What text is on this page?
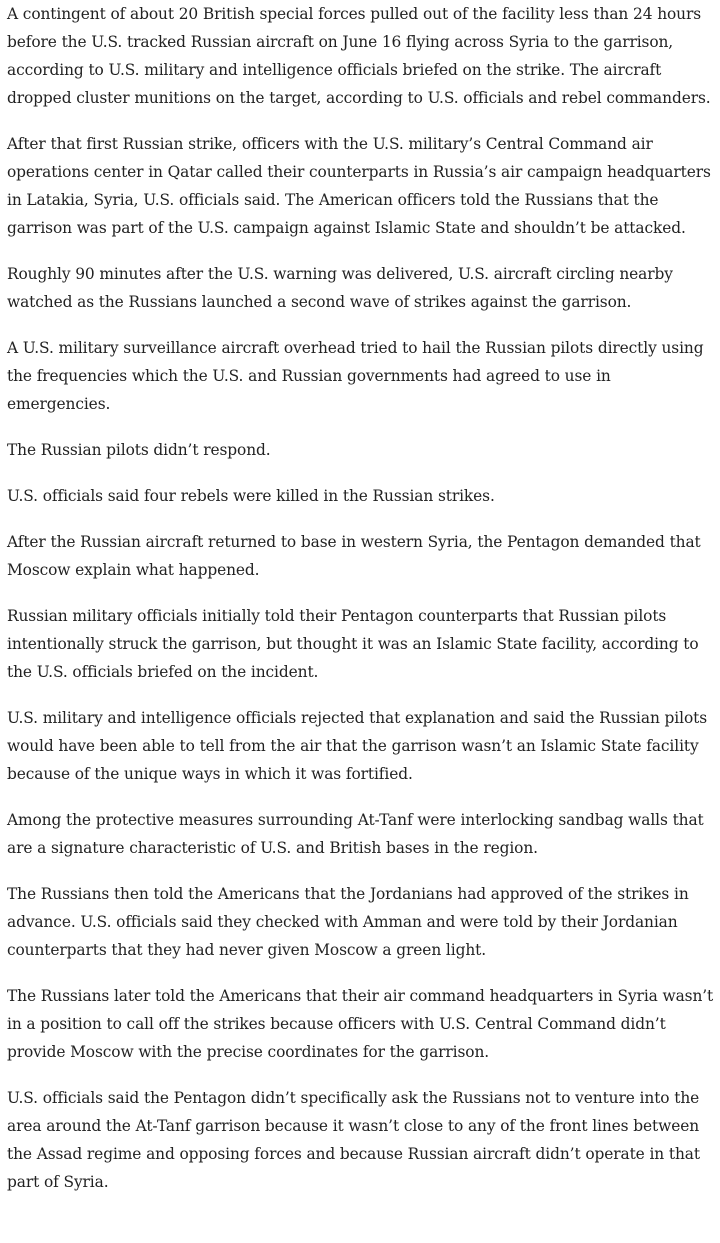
A contingent of about 20 British special forces pulled out of the facility less than 24 hours before the U.S. tracked Russian aircraft on June 16 flying across Syria to the garrison, according to U.S. military and intelligence officials briefed on the strike. The aircraft dropped cluster munitions on the target, according to U.S. officials and rebel commanders.

After that first Russian strike, officers with the U.S. military’s Central Command air operations center in Qatar called their counterparts in Russia’s air campaign headquarters in Latakia, Syria, U.S. officials said. The American officers told the Russians that the garrison was part of the U.S. campaign against Islamic State and shouldn’t be attacked.

Roughly 90 minutes after the U.S. warning was delivered, U.S. aircraft circling nearby watched as the Russians launched a second wave of strikes against the garrison.

A U.S. military surveillance aircraft overhead tried to hail the Russian pilots directly using the frequencies which the U.S. and Russian governments had agreed to use in emergencies.

The Russian pilots didn’t respond.

U.S. officials said four rebels were killed in the Russian strikes.

After the Russian aircraft returned to base in western Syria, the Pentagon demanded that Moscow explain what happened.

Russian military officials initially told their Pentagon counterparts that Russian pilots intentionally struck the garrison, but thought it was an Islamic State facility, according to the U.S. officials briefed on the incident.

U.S. military and intelligence officials rejected that explanation and said the Russian pilots would have been able to tell from the air that the garrison wasn’t an Islamic State facility because of the unique ways in which it was fortified.

Among the protective measures surrounding At-Tanf were interlocking sandbag walls that are a signature characteristic of U.S. and British bases in the region.

The Russians then told the Americans that the Jordanians had approved of the strikes in advance. U.S. officials said they checked with Amman and were told by their Jordanian counterparts that they had never given Moscow a green light.

The Russians later told the Americans that their air command headquarters in Syria wasn’t in a position to call off the strikes because officers with U.S. Central Command didn’t provide Moscow with the precise coordinates for the garrison.

U.S. officials said the Pentagon didn’t specifically ask the Russians not to venture into the area around the At-Tanf garrison because it wasn’t close to any of the front lines between the Assad regime and opposing forces and because Russian aircraft didn’t operate in that part of Syria.
